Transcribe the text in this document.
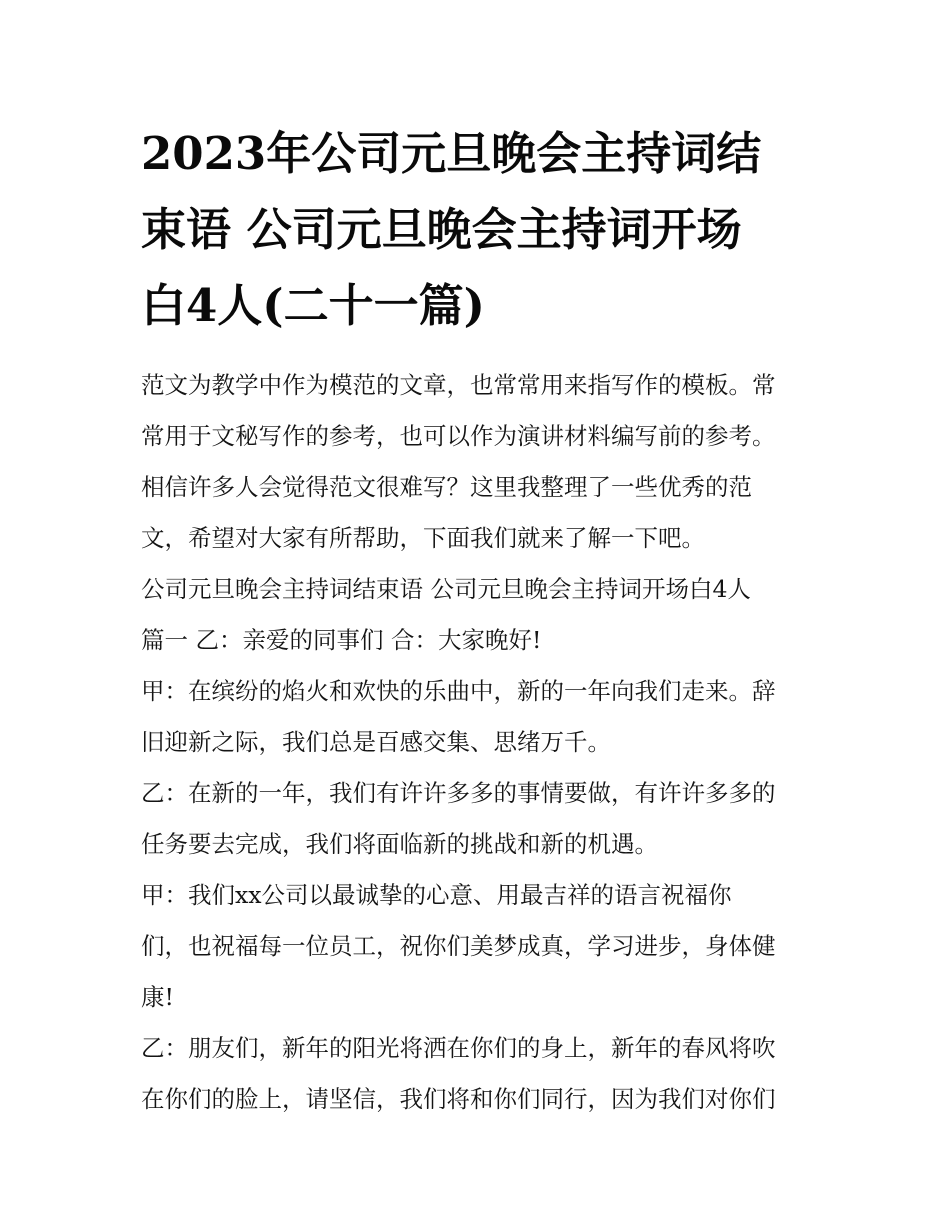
2023年公司元旦晚会主持词结
束语 公司元旦晚会主持词开场
白4人(二十一篇)
范文为教学中作为模范的文章，也常常用来指写作的模板。常
常用于文秘写作的参考，也可以作为演讲材料编写前的参考。
相信许多人会觉得范文很难写？这里我整理了一些优秀的范
文，希望对大家有所帮助，下面我们就来了解一下吧。
公司元旦晚会主持词结束语 公司元旦晚会主持词开场白4人
篇一 乙：亲爱的同事们 合：大家晚好!
甲：在缤纷的焰火和欢快的乐曲中，新的一年向我们走来。辞
旧迎新之际，我们总是百感交集、思绪万千。
乙：在新的一年，我们有许许多多的事情要做，有许许多多的
任务要去完成，我们将面临新的挑战和新的机遇。
甲：我们xx公司以最诚挚的心意、用最吉祥的语言祝福你
们，也祝福每一位员工，祝你们美梦成真，学习进步，身体健
康!
乙：朋友们，新年的阳光将洒在你们的身上，新年的春风将吹
在你们的脸上，请坚信，我们将和你们同行，因为我们对你们
